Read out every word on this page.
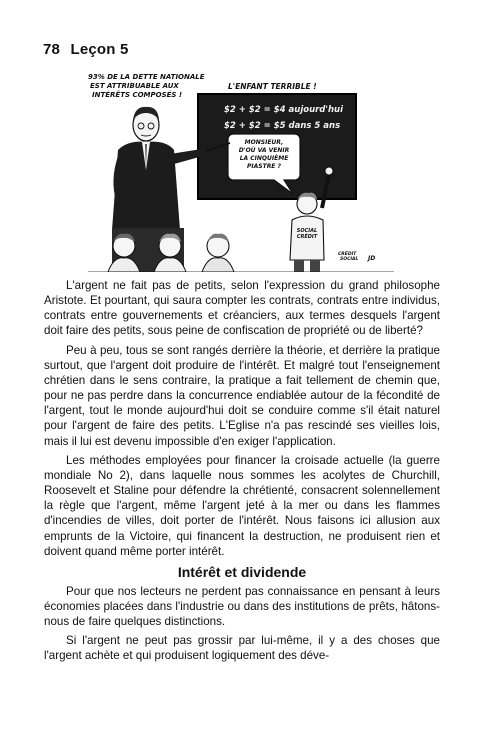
78 Leçon 5
93% DE LA DETTE NATIONALE
EST ATTRIBUABLE AUX
INTÉRÊTS COMPOSÉS !
L'ENFANT TERRIBLE !
$2 + $2 = $4 aujourd'hui
$2 + $2 = $5 dans 5 ans
MONSIEUR,
D'OÙ VA VENIR
LA CINQUIÈME
PIASTRE ?
SOCIAL
CRÉDIT
CRÉDIT
SOCIAL JD

L'argent ne fait pas de petits, selon l'expression du grand philosophe Aristote. Et pourtant, qui saura compter les contrats, contrats entre individus, contrats entre gouvernements et créanciers, aux termes desquels l'argent doit faire des petits, sous peine de confiscation de propriété ou de liberté?

Peu à peu, tous se sont rangés derrière la théorie, et derrière la pratique surtout, que l'argent doit produire de l'intérêt. Et malgré tout l'enseignement chrétien dans le sens contraire, la pratique a fait tellement de chemin que, pour ne pas perdre dans la concurrence endiablée autour de la fécondité de l'argent, tout le monde aujourd'hui doit se conduire comme s'il était naturel pour l'argent de faire des petits. L'Eglise n'a pas rescindé ses vieilles lois, mais il lui est devenu impossible d'en exiger l'application.

Les méthodes employées pour financer la croisade actuelle (la guerre mondiale No 2), dans laquelle nous sommes les acolytes de Churchill, Roosevelt et Staline pour défendre la chrétienté, consacrent solennellement la règle que l'argent, même l'argent jeté à la mer ou dans les flammes d'incendies de villes, doit porter de l'intérêt. Nous faisons ici allusion aux emprunts de la Victoire, qui financent la destruction, ne produisent rien et doivent quand même porter intérêt.

Intérêt et dividende

Pour que nos lecteurs ne perdent pas connaissance en pensant à leurs économies placées dans l'industrie ou dans des institutions de prêts, hâtons-nous de faire quelques distinctions.

Si l'argent ne peut pas grossir par lui-même, il y a des choses que l'argent achète et qui produisent logiquement des déve-
